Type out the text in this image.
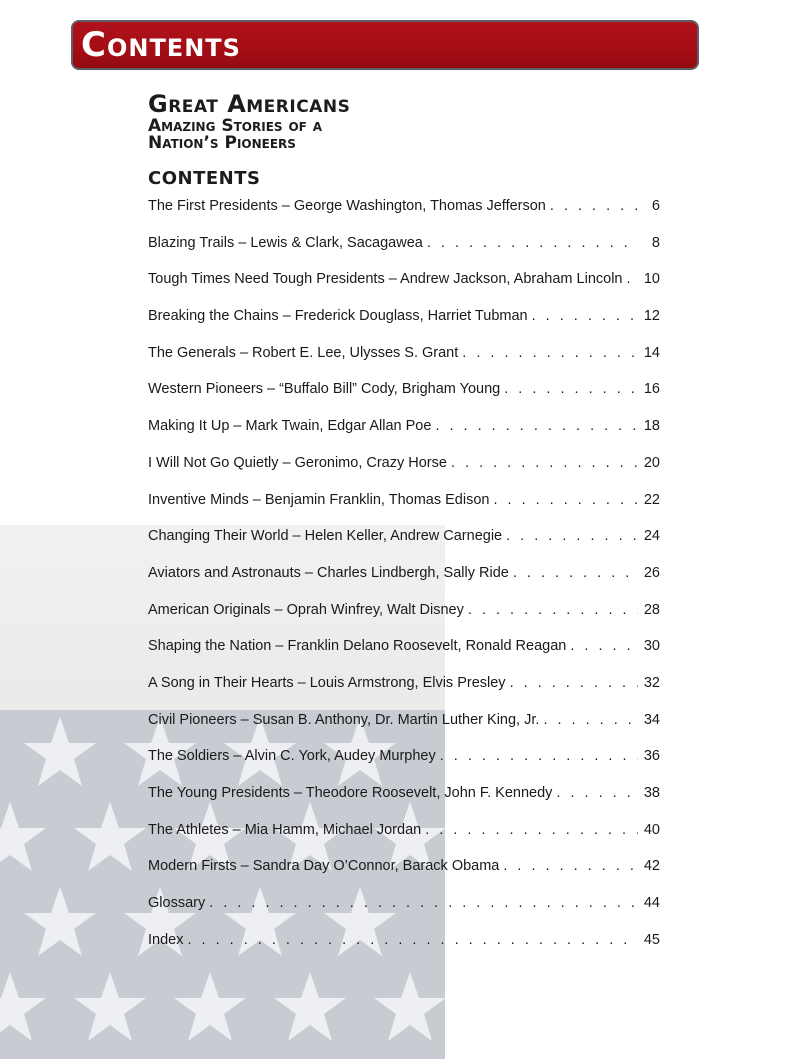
Contents
Great Americans
Amazing Stories of a
Nation’s Pioneers
CONTENTS
The First Presidents – George Washington, Thomas Jefferson . . .	6
Blazing Trails – Lewis & Clark, Sacagawea . . .	8
Tough Times Need Tough Presidents – Andrew Jackson, Abraham Lincoln . . . 10
Breaking the Chains – Frederick Douglass, Harriet Tubman . . .	12
The Generals – Robert E. Lee, Ulysses S. Grant . . .	14
Western Pioneers – “Buffalo Bill” Cody, Brigham Young . . .	16
Making It Up – Mark Twain, Edgar Allan Poe . . .	18
I Will Not Go Quietly – Geronimo, Crazy Horse . . .	20
Inventive Minds – Benjamin Franklin, Thomas Edison . . .	22
Changing Their World – Helen Keller, Andrew Carnegie . . .	24
Aviators and Astronauts – Charles Lindbergh, Sally Ride . . .	26
American Originals – Oprah Winfrey, Walt Disney . . .	28
Shaping the Nation – Franklin Delano Roosevelt, Ronald Reagan . . .	30
A Song in Their Hearts – Louis Armstrong, Elvis Presley . . .	32
Civil Pioneers – Susan B. Anthony, Dr. Martin Luther King, Jr. . . .	34
The Soldiers – Alvin C. York, Audey Murphey . . .	36
The Young Presidents – Theodore Roosevelt, John F. Kennedy . . .	38
The Athletes – Mia Hamm, Michael Jordan . . .	40
Modern Firsts – Sandra Day O’Connor, Barack Obama . . .	42
Glossary . . .	44
Index . . .	45
